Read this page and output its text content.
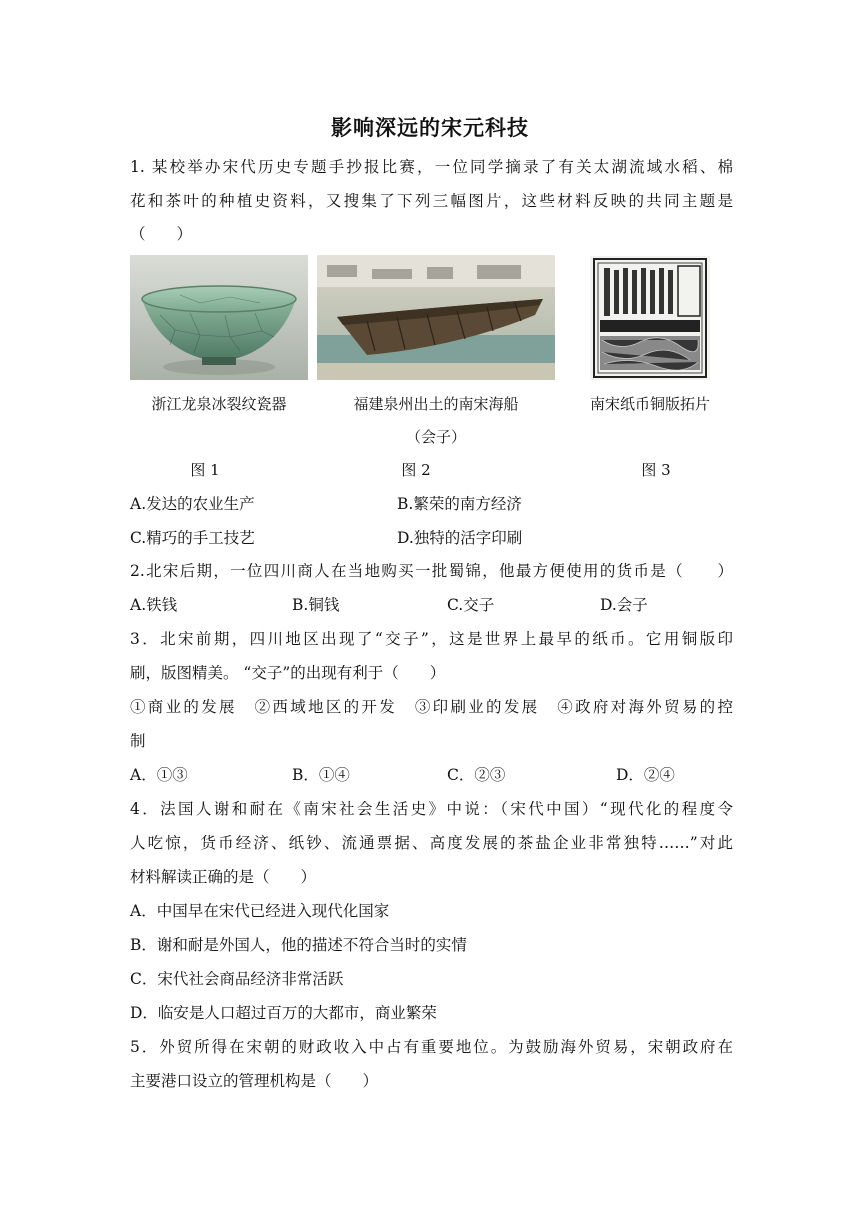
影响深远的宋元科技
1. 某校举办宋代历史专题手抄报比赛，一位同学摘录了有关太湖流域水稻、棉
花和茶叶的种植史资料，又搜集了下列三幅图片，这些材料反映的共同主题是
（　　）
浙江龙泉冰裂纹瓷器	福建泉州出土的南宋海船	南宋纸币铜版拓片
（会子）
图 1	图 2	图 3
A.发达的农业生产	B.繁荣的南方经济
C.精巧的手工技艺	D.独特的活字印刷
2.北宋后期，一位四川商人在当地购买一批蜀锦，他最方便使用的货币是（　　）
A.铁钱	B.铜钱	C.交子	D.会子
3．北宋前期，四川地区出现了“交子”，这是世界上最早的纸币。它用铜版印
刷，版图精美。 “交子”的出现有利于（　　）
①商业的发展　②西域地区的开发　③印刷业的发展　④政府对海外贸易的控
制
A．①③	B．①④	C．②③	D．②④
4．法国人谢和耐在《南宋社会生活史》中说：（宋代中国）“现代化的程度令
人吃惊，货币经济、纸钞、流通票据、高度发展的茶盐企业非常独特……”对此
材料解读正确的是（　　）
A．中国早在宋代已经进入现代化国家
B．谢和耐是外国人，他的描述不符合当时的实情
C．宋代社会商品经济非常活跃
D．临安是人口超过百万的大都市，商业繁荣
5．外贸所得在宋朝的财政收入中占有重要地位。为鼓励海外贸易，宋朝政府在
主要港口设立的管理机构是（　　）
